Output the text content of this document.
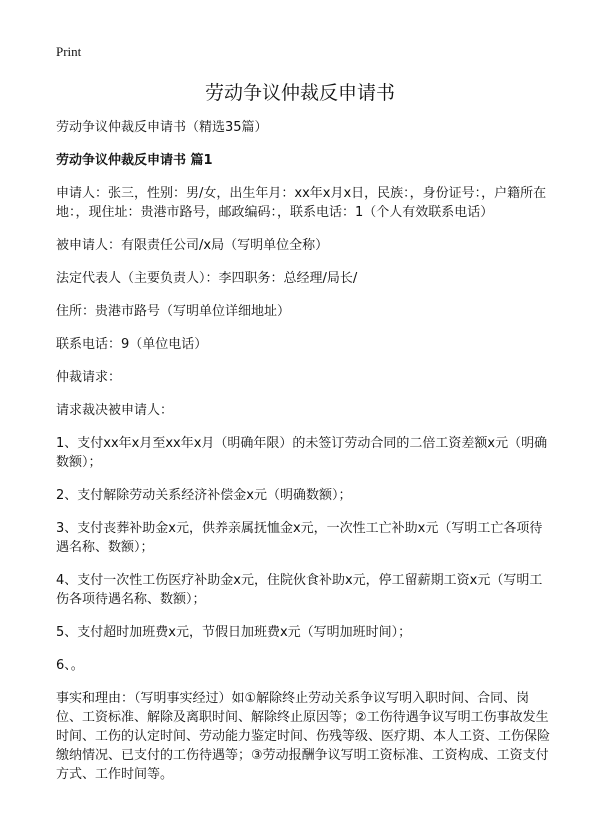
Print
劳动争议仲裁反申请书

劳动争议仲裁反申请书（精选35篇）

劳动争议仲裁反申请书 篇1

申请人：张三，性别：男/女，出生年月：xx年x月x日，民族：，身份证号：，户籍所在地：，现住址：贵港市路号，邮政编码：，联系电话：1（个人有效联系电话）

被申请人：有限责任公司/x局（写明单位全称）

法定代表人（主要负责人）：李四职务：总经理/局长/

住所：贵港市路号（写明单位详细地址）

联系电话：9（单位电话）

仲裁请求：

请求裁决被申请人：

1、支付xx年x月至xx年x月（明确年限）的未签订劳动合同的二倍工资差额x元（明确数额）；

2、支付解除劳动关系经济补偿金x元（明确数额）；

3、支付丧葬补助金x元，供养亲属抚恤金x元，一次性工亡补助x元（写明工亡各项待遇名称、数额）；

4、支付一次性工伤医疗补助金x元，住院伙食补助x元，停工留薪期工资x元（写明工伤各项待遇名称、数额）；

5、支付超时加班费x元，节假日加班费x元（写明加班时间）；

6、。

事实和理由：（写明事实经过）如①解除终止劳动关系争议写明入职时间、合同、岗位、工资标准、解除及离职时间、解除终止原因等；②工伤待遇争议写明工伤事故发生时间、工伤的认定时间、劳动能力鉴定时间、伤残等级、医疗期、本人工资、工伤保险缴纳情况、已支付的工伤待遇等；③劳动报酬争议写明工资标准、工资构成、工资支付方式、工作时间等。
